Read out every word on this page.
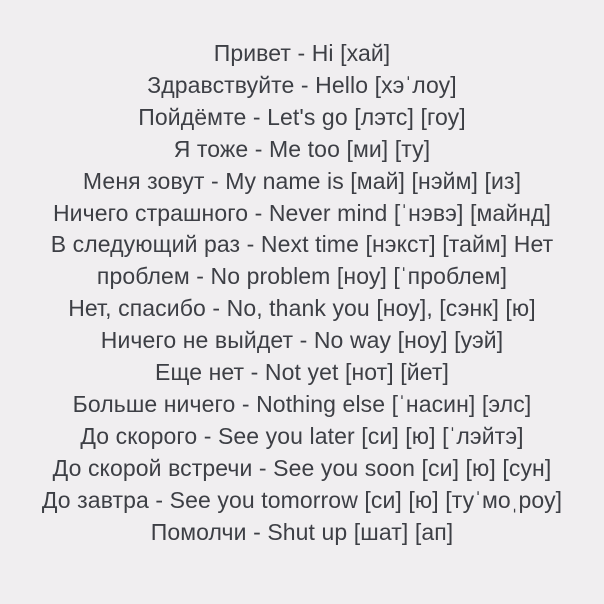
Привет - Hi [хай]

Здравствуйте - Hello [хэˈлоу]

Пойдёмте - Let's go [лэтс] [гоу]

Я тоже - Me too [ми] [ту]

Меня зовут - My name is [май] [нэйм] [из]

Ничего страшного - Never mind [ˈнэвэ] [майнд]

В следующий раз - Next time [нэкст] [тайм] Нет

проблем - No problem [ноу] [ˈпроблем]

Нет, спасибо - No, thank you [ноу], [сэнк] [ю]

Ничего не выйдет - No way [ноу] [уэй]

Еще нет - Not yet [нот] [йет]

Больше ничего - Nothing else [ˈнасин] [элс]

До скорого - See you later [си] [ю] [ˈлэйтэ]

До скорой встречи - See you soon [си] [ю] [сун]

До завтра - See you tomorrow [си] [ю] [туˈмоˌроу]

Помолчи - Shut up [шат] [ап]
